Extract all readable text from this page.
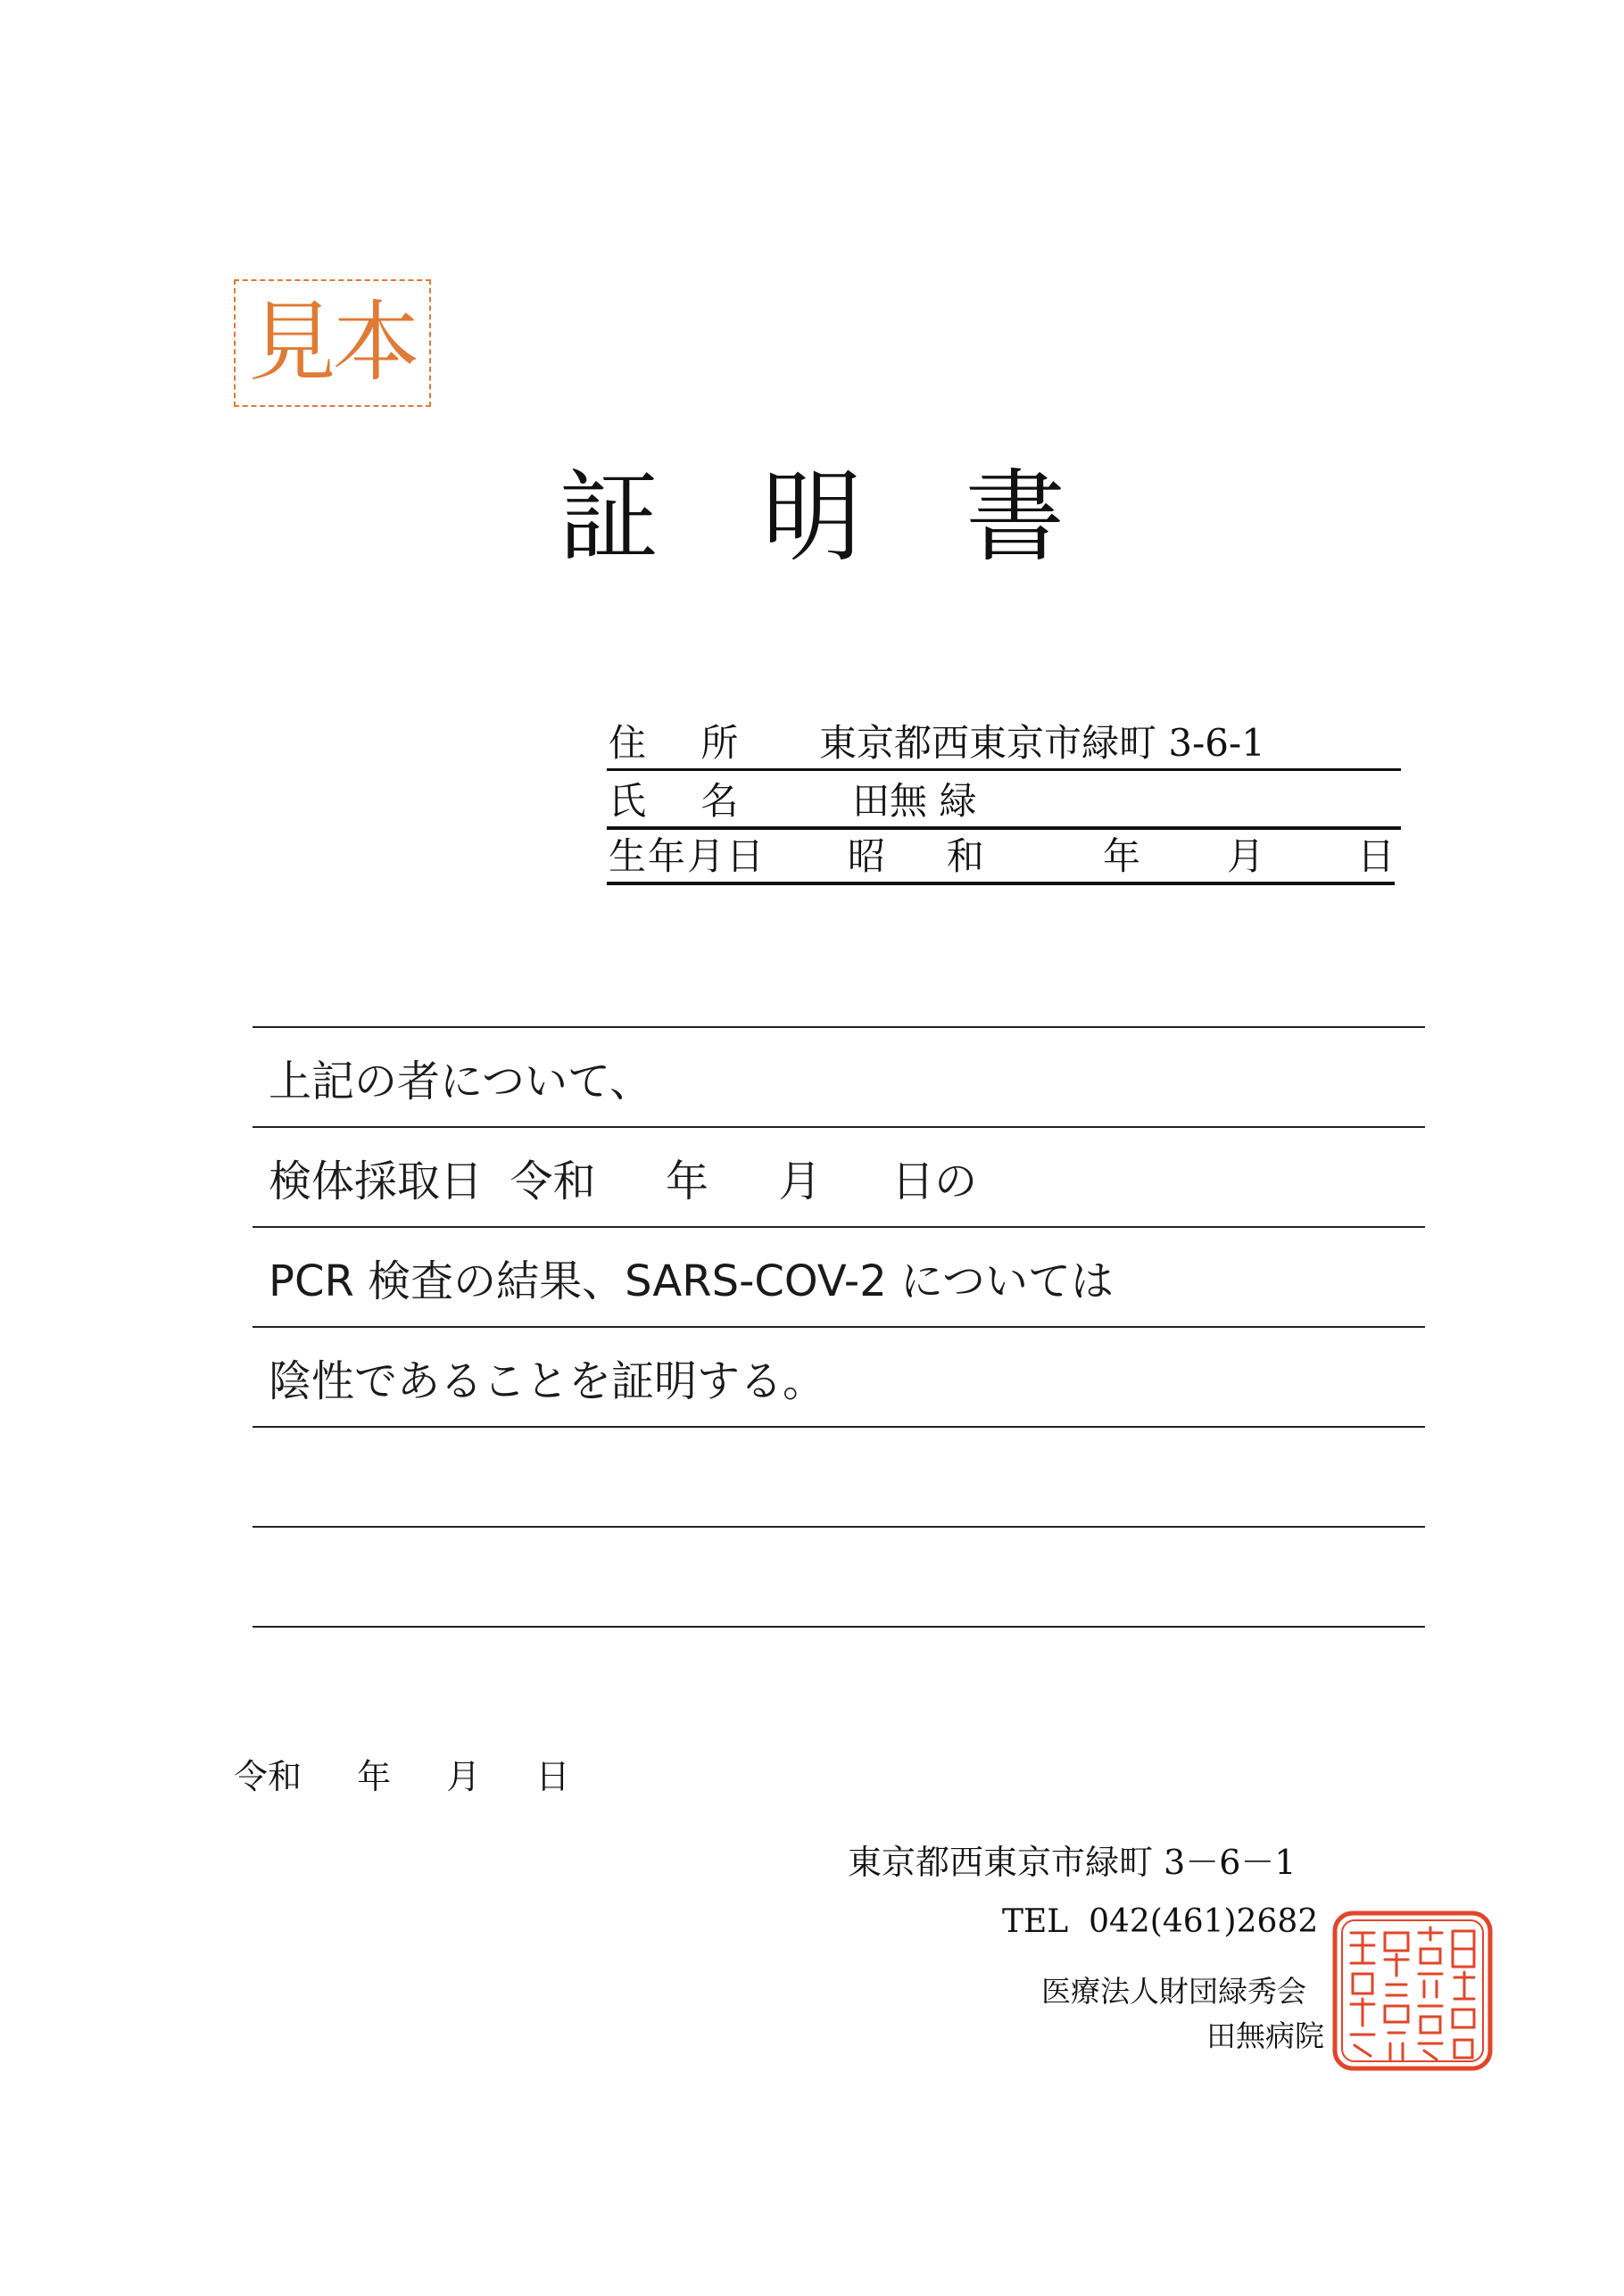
見本
証 明 書

住　 所

東京都西東京市緑町 3-6-1

氏 　名

	田無 緑

生年月日

昭 　 和

	年

月

日

上記の者について、
検体採取日  令和 　 年 　 月 　 日の
PCR 検査の結果、SARS-COV-2 については
陰性であることを証明する。
令和 　 年 　 月 　 日
東京都西東京市緑町 3－6－1
TEL  042(461)2682
医療法人財団緑秀会
田無病院
